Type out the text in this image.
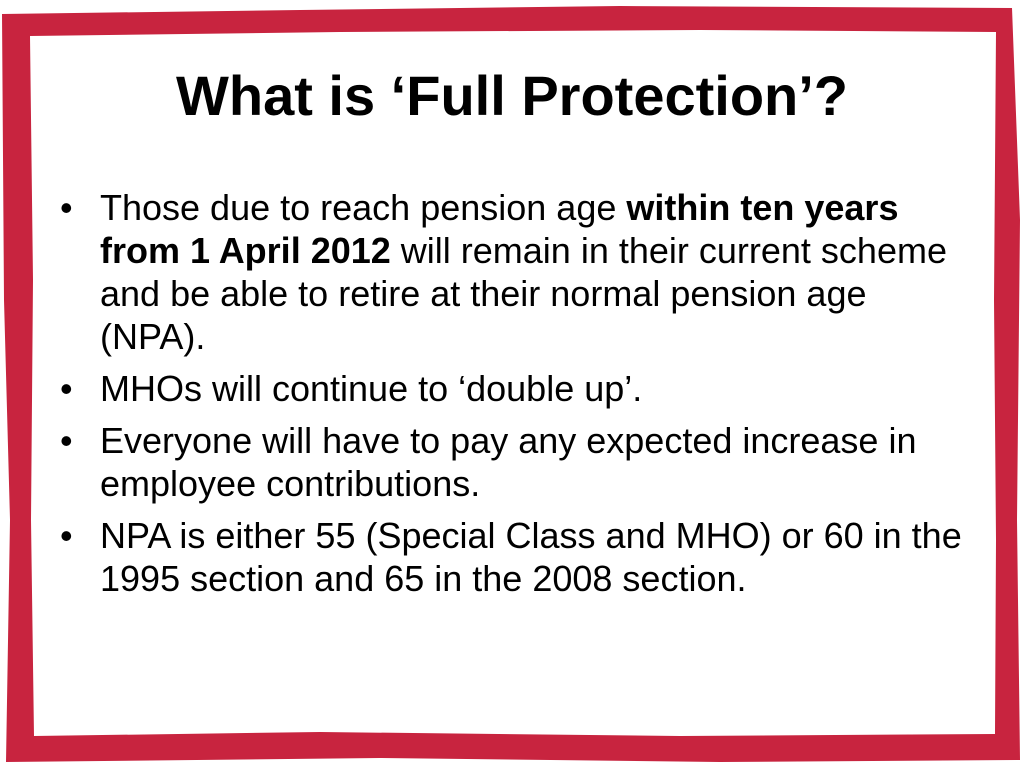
What is ‘Full Protection’?
• Those due to reach pension age within ten years from 1 April 2012 will remain in their current scheme and be able to retire at their normal pension age (NPA).
• MHOs will continue to ‘double up’.
• Everyone will have to pay any expected increase in employee contributions.
• NPA is either 55 (Special Class and MHO) or 60 in the 1995 section and 65 in the 2008 section.
